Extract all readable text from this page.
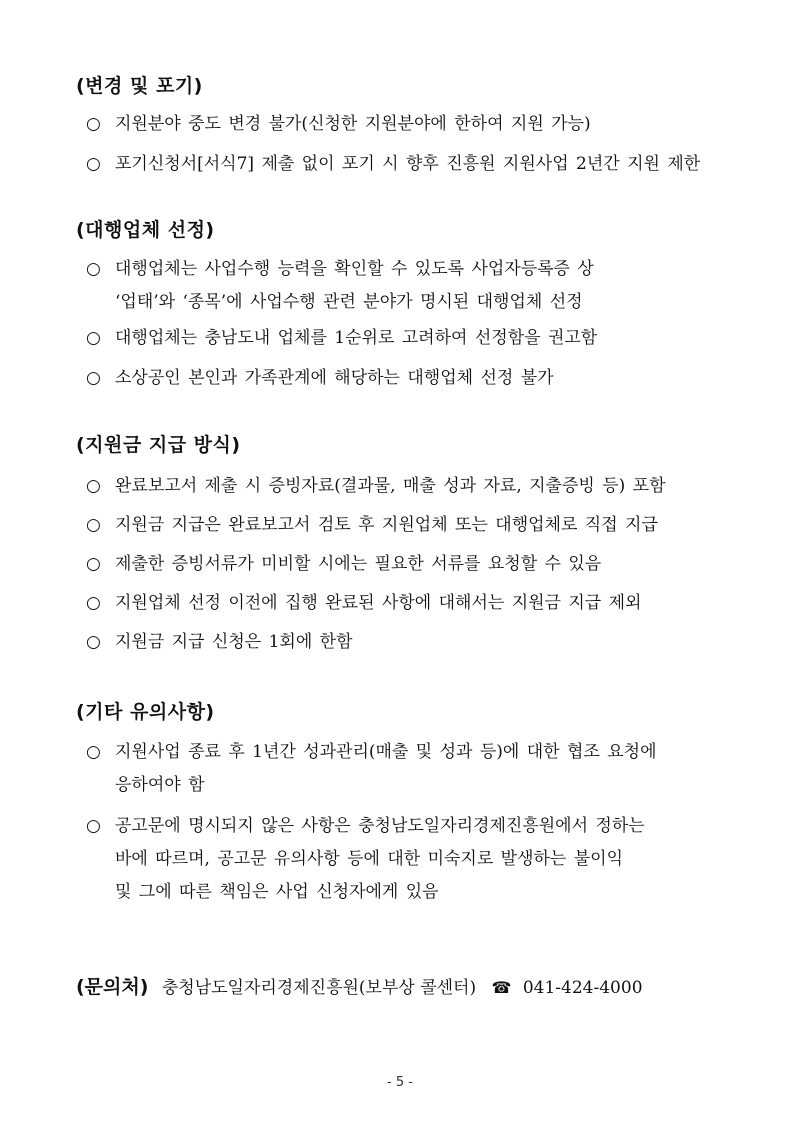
(변경 및 포기)
○ 지원분야 중도 변경 불가(신청한 지원분야에 한하여 지원 가능)
○ 포기신청서[서식7] 제출 없이 포기 시 향후 진흥원 지원사업 2년간 지원 제한
(대행업체 선정)
○ 대행업체는 사업수행 능력을 확인할 수 있도록 사업자등록증 상
‘업태’와 ‘종목’에 사업수행 관련 분야가 명시된 대행업체 선정
○ 대행업체는 충남도내 업체를 1순위로 고려하여 선정함을 권고함
○ 소상공인 본인과 가족관계에 해당하는 대행업체 선정 불가
(지원금 지급 방식)
○ 완료보고서 제출 시 증빙자료(결과물, 매출 성과 자료, 지출증빙 등) 포함
○ 지원금 지급은 완료보고서 검토 후 지원업체 또는 대행업체로 직접 지급
○ 제출한 증빙서류가 미비할 시에는 필요한 서류를 요청할 수 있음
○ 지원업체 선정 이전에 집행 완료된 사항에 대해서는 지원금 지급 제외
○ 지원금 지급 신청은 1회에 한함
(기타 유의사항)
○ 지원사업 종료 후 1년간 성과관리(매출 및 성과 등)에 대한 협조 요청에
응하여야 함
○ 공고문에 명시되지 않은 사항은 충청남도일자리경제진흥원에서 정하는
바에 따르며, 공고문 유의사항 등에 대한 미숙지로 발생하는 불이익
및 그에 따른 책임은 사업 신청자에게 있음
(문의처) 충청남도일자리경제진흥원(보부상 콜센터) ☎ 041-424-4000
- 5 -
